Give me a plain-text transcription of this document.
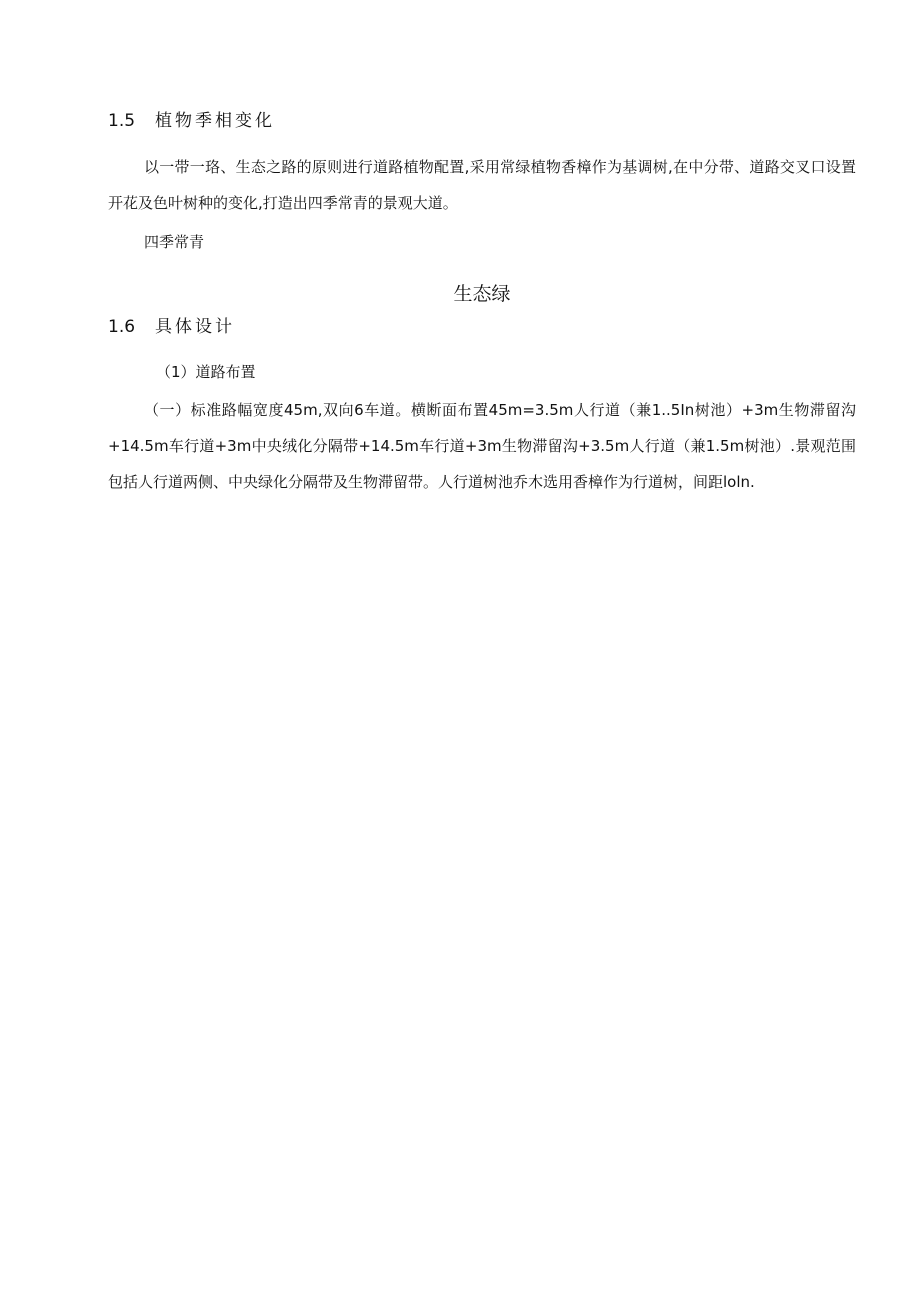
1.5 植物季相变化
以一带一珞、生态之路的原则进行道路植物配置,采用常绿植物香樟作为基调树,在中分带、道路交叉口设置开花及色叶树种的变化,打造出四季常青的景观大道。
四季常青
生态绿
1.6 具体设计
（1）道路布置
（一）标准路幅宽度45m,双向6车道。横断面布置45m=3.5m人行道（兼1..5In树池）+3m生物滞留沟+14.5m车行道+3m中央绒化分隔带+14.5m车行道+3m生物滞留沟+3.5m人行道（兼1.5m树池）.景观范围包括人行道两侧、中央绿化分隔带及生物滞留带。人行道树池乔木选用香樟作为行道树，间距loln.
